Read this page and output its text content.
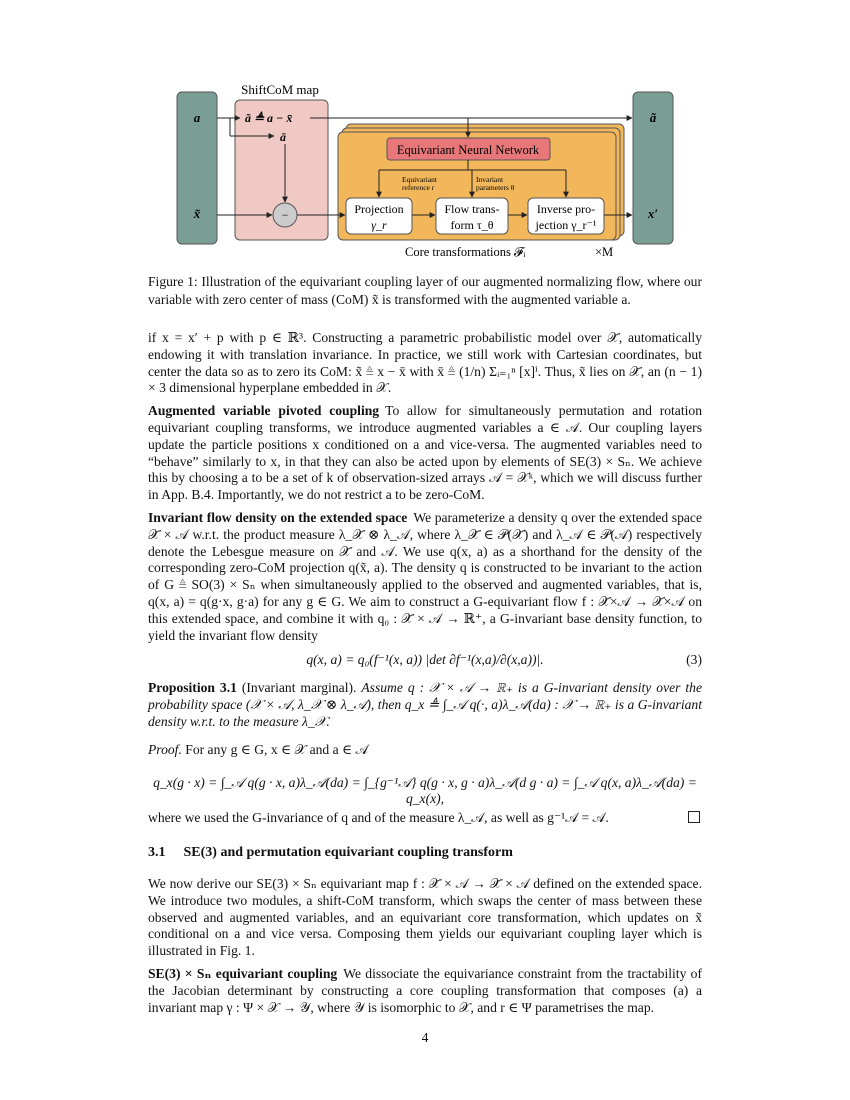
a
x̃
ShiftCoM map
ã ≜ a − x̄
ā
−
Equivariant Neural Network
Equivariant reference r
Invariant parameters θ
Projection
γ_r
Flow trans-
form τ_θ
Inverse pro-
jection γ_r⁻¹
Core transformations 𝓕ᵢ	×M
ã
x′
Figure 1: Illustration of the equivariant coupling layer of our augmented normalizing flow, where our variable with zero center of mass (CoM) x̃ is transformed with the augmented variable a.

if x = x′ + p with p ∈ ℝ³. Constructing a parametric probabilistic model over 𝒳̃, automatically endowing it with translation invariance. In practice, we still work with Cartesian coordinates, but center the data so as to zero its CoM: x̃ ≜ x − x̄ with x̄ ≜ (1/n) Σᵢ₌₁ⁿ [x]ⁱ. Thus, x̃ lies on 𝒳̃, an (n − 1) × 3 dimensional hyperplane embedded in 𝒳.

Augmented variable pivoted coupling To allow for simultaneously permutation and rotation equivariant coupling transforms, we introduce augmented variables a ∈ 𝒜. Our coupling layers update the particle positions x conditioned on a and vice-versa. The augmented variables need to “behave” similarly to x, in that they can also be acted upon by elements of SE(3) × Sₙ. We achieve this by choosing a to be a set of k of observation-sized arrays 𝒜 = 𝒳ᵏ, which we will discuss further in App. B.4. Importantly, we do not restrict a to be zero-CoM.

Invariant flow density on the extended space We parameterize a density q over the extended space 𝒳̃ × 𝒜 w.r.t. the product measure λ_𝒳̃ ⊗ λ_𝒜, where λ_𝒳̃ ∈ 𝒫(𝒳̃) and λ_𝒜 ∈ 𝒫(𝒜) respectively denote the Lebesgue measure on 𝒳̃ and 𝒜. We use q(x, a) as a shorthand for the density of the corresponding zero-CoM projection q(x̃, a). The density q is constructed to be invariant to the action of G ≜ SO(3) × Sₙ when simultaneously applied to the observed and augmented variables, that is, q(x, a) = q(g·x, g·a) for any g ∈ G. We aim to construct a G-equivariant flow f : 𝒳̃×𝒜 → 𝒳̃×𝒜 on this extended space, and combine it with q₀ : 𝒳̃ × 𝒜 → ℝ⁺, a G-invariant base density function, to yield the invariant flow density

q(x, a) = q₀(f⁻¹(x, a)) |det ∂f⁻¹(x,a)/∂(x,a))|.	(3)

Proposition 3.1 (Invariant marginal). Assume q : 𝒳 × 𝒜 → ℝ₊ is a G-invariant density over the probability space (𝒳 × 𝒜, λ_𝒳 ⊗ λ_𝒜), then q_x ≜ ∫_𝒜 q(·, a)λ_𝒜(da) : 𝒳 → ℝ₊ is a G-invariant density w.r.t. to the measure λ_𝒳.

Proof. For any g ∈ G, x ∈ 𝒳 and a ∈ 𝒜

q_x(g · x) = ∫_𝒜 q(g · x, a)λ_𝒜(da) = ∫_{g⁻¹𝒜} q(g · x, g · a)λ_𝒜(d g · a) = ∫_𝒜 q(x, a)λ_𝒜(da) = q_x(x),
where we used the G-invariance of q and of the measure λ_𝒜, as well as g⁻¹𝒜 = 𝒜.
3.1 SE(3) and permutation equivariant coupling transform

We now derive our SE(3) × Sₙ equivariant map f : 𝒳̃ × 𝒜 → 𝒳̃ × 𝒜 defined on the extended space. We introduce two modules, a shift-CoM transform, which swaps the center of mass between these observed and augmented variables, and an equivariant core transformation, which updates on x̃ conditional on a and vice versa. Composing them yields our equivariant coupling layer which is illustrated in Fig. 1.

SE(3) × Sₙ equivariant coupling We dissociate the equivariance constraint from the tractability of the Jacobian determinant by constructing a core coupling transformation that composes (a) a invariant map γ : Ψ × 𝒳 → 𝒴, where 𝒴 is isomorphic to 𝒳, and r ∈ Ψ parametrises the map.

4
